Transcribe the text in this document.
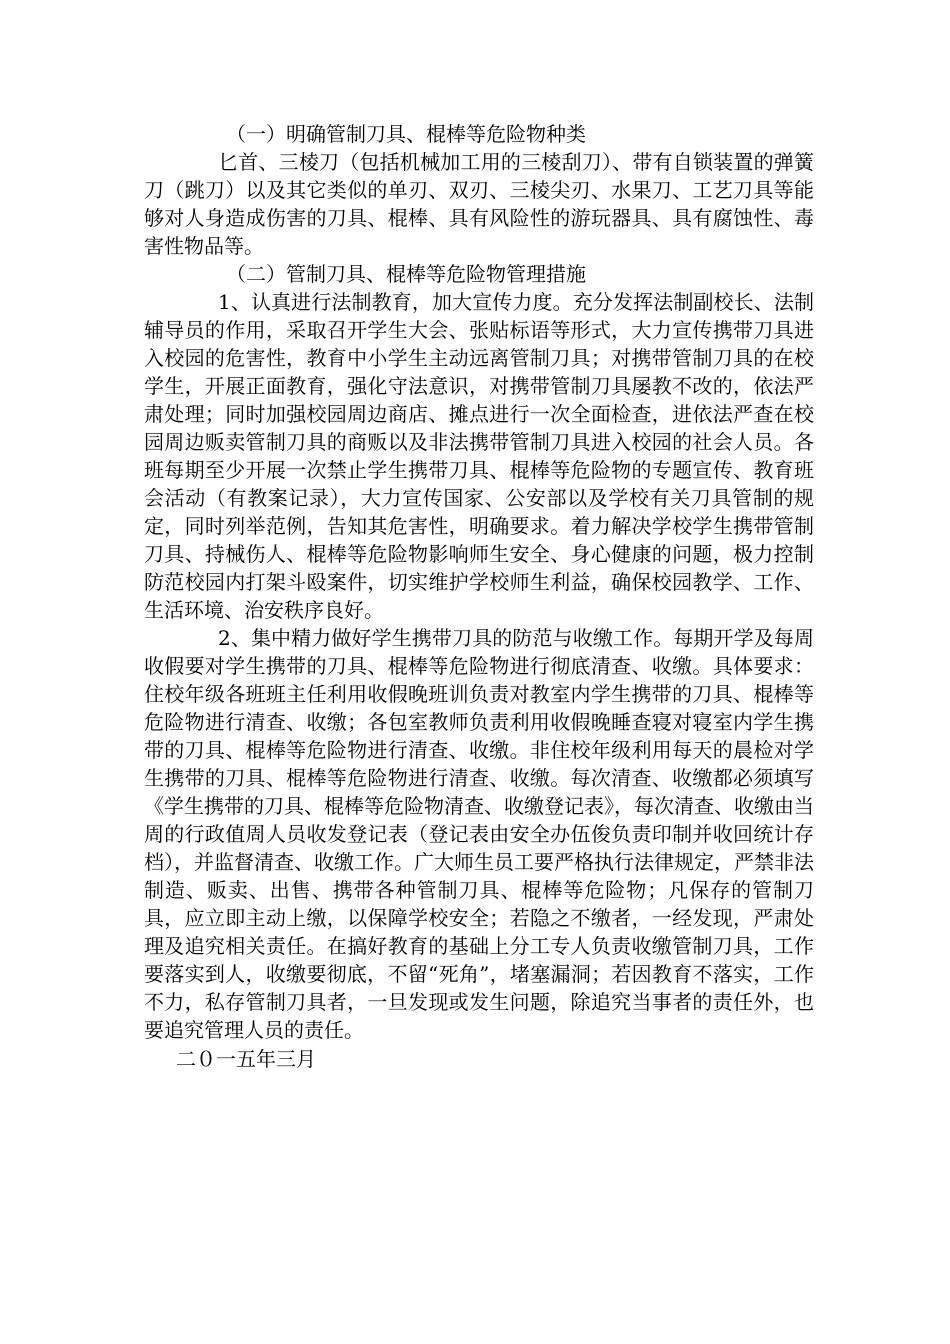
（一）明确管制刀具、棍棒等危险物种类

匕首、三棱刀（包括机械加工用的三棱刮刀）、带有自锁装置的弹簧刀（跳刀）以及其它类似的单刃、双刃、三棱尖刃、水果刀、工艺刀具等能够对人身造成伤害的刀具、棍棒、具有风险性的游玩器具、具有腐蚀性、毒害性物品等。

（二）管制刀具、棍棒等危险物管理措施

1、认真进行法制教育，加大宣传力度。充分发挥法制副校长、法制辅导员的作用，采取召开学生大会、张贴标语等形式，大力宣传携带刀具进入校园的危害性，教育中小学生主动远离管制刀具；对携带管制刀具的在校学生，开展正面教育，强化守法意识，对携带管制刀具屡教不改的，依法严肃处理；同时加强校园周边商店、摊点进行一次全面检查，进依法严查在校园周边贩卖管制刀具的商贩以及非法携带管制刀具进入校园的社会人员。各班每期至少开展一次禁止学生携带刀具、棍棒等危险物的专题宣传、教育班会活动（有教案记录），大力宣传国家、公安部以及学校有关刀具管制的规定，同时列举范例，告知其危害性，明确要求。着力解决学校学生携带管制刀具、持械伤人、棍棒等危险物影响师生安全、身心健康的问题，极力控制防范校园内打架斗殴案件，切实维护学校师生利益，确保校园教学、工作、生活环境、治安秩序良好。

2、集中精力做好学生携带刀具的防范与收缴工作。每期开学及每周收假要对学生携带的刀具、棍棒等危险物进行彻底清查、收缴。具体要求：住校年级各班班主任利用收假晚班训负责对教室内学生携带的刀具、棍棒等危险物进行清查、收缴；各包室教师负责利用收假晚睡查寝对寝室内学生携带的刀具、棍棒等危险物进行清查、收缴。非住校年级利用每天的晨检对学生携带的刀具、棍棒等危险物进行清查、收缴。每次清查、收缴都必须填写《学生携带的刀具、棍棒等危险物清查、收缴登记表》，每次清查、收缴由当周的行政值周人员收发登记表（登记表由安全办伍俊负责印制并收回统计存档），并监督清查、收缴工作。广大师生员工要严格执行法律规定，严禁非法制造、贩卖、出售、携带各种管制刀具、棍棒等危险物；凡保存的管制刀具，应立即主动上缴，以保障学校安全；若隐之不缴者，一经发现，严肃处理及追究相关责任。在搞好教育的基础上分工专人负责收缴管制刀具，工作要落实到人，收缴要彻底，不留“死角”，堵塞漏洞；若因教育不落实，工作不力，私存管制刀具者，一旦发现或发生问题，除追究当事者的责任外，也要追究管理人员的责任。

二０一五年三月
